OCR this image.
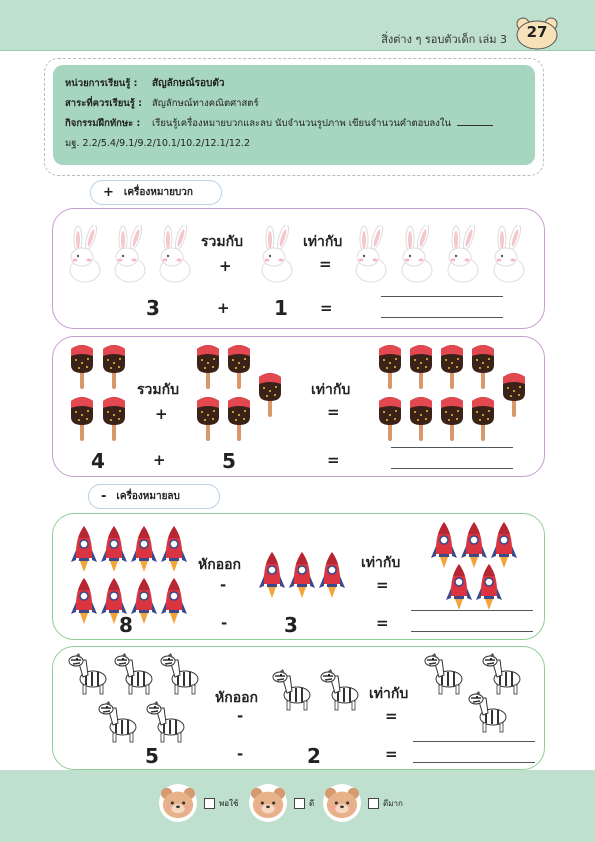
สิ่งต่าง ๆ รอบตัวเด็ก เล่ม 3	27
หน่วยการเรียนรู้ :	สัญลักษณ์รอบตัว
สาระที่ควรเรียนรู้ :	สัญลักษณ์ทางคณิตศาสตร์
กิจกรรมฝึกทักษะ :	เรียนรู้เครื่องหมายบวกและลบ นับจำนวนรูปภาพ เขียนจำนวนคำตอบลงใน
มฐ. 2.2/5.4/9.1/9.2/10.1/10.2/12.1/12.2
+ เครื่องหมายบวก
รวมกับ
+
เท่ากับ
=
3	+ 1 =
รวมกับ
+
เท่ากับ
=
4	+	5	=
- เครื่องหมายลบ
หักออก
-
เท่ากับ
=
8	-	3	=
หักออก
-
เท่ากับ
=
5	-	2	=
พอใช้	ดี	ดีมาก
